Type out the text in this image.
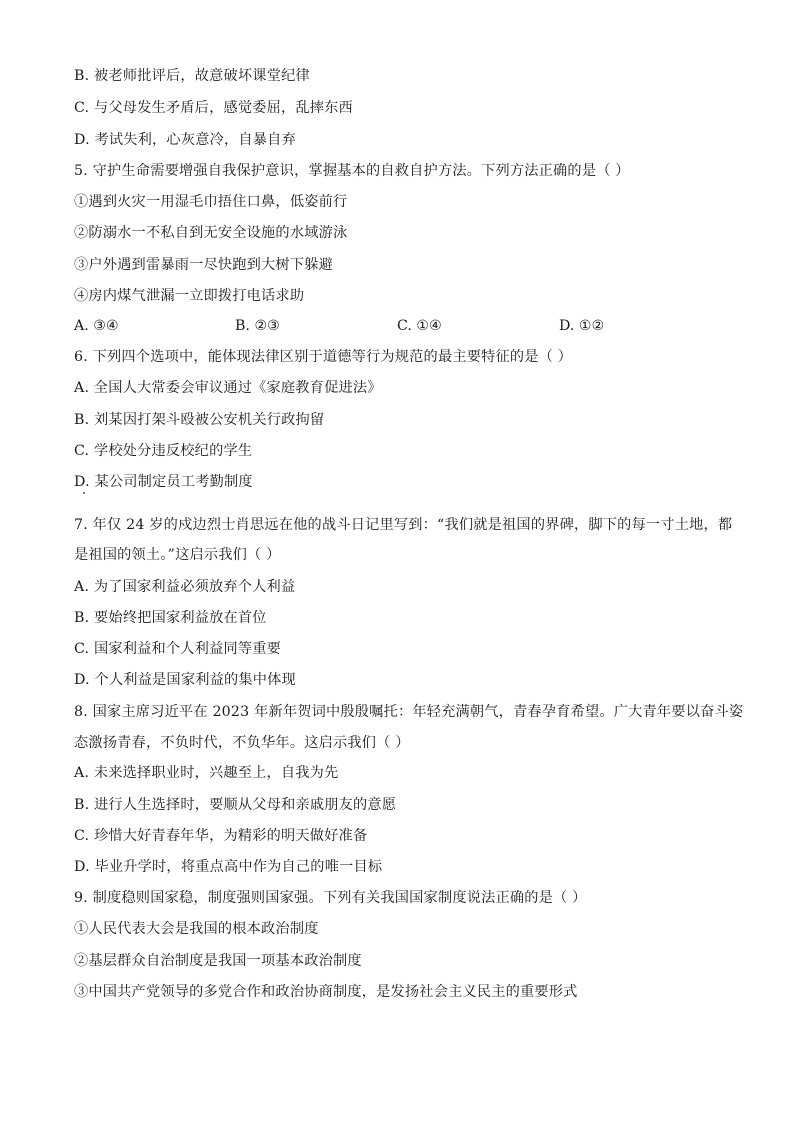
B. 被老师批评后，故意破坏课堂纪律
C. 与父母发生矛盾后，感觉委屈，乱摔东西
D. 考试失利，心灰意冷，自暴自弃
5. 守护生命需要增强自我保护意识，掌握基本的自救自护方法。下列方法正确的是（ ）
①遇到火灾一用湿毛巾捂住口鼻，低姿前行
②防溺水一不私自到无安全设施的水域游泳
③户外遇到雷暴雨一尽快跑到大树下躲避
④房内煤气泄漏一立即拨打电话求助
A. ③④	B. ②③	C. ①④	D. ①②
6. 下列四个选项中，能体现法律区别于道德等行为规范的最主要特征的是（ ）
A. 全国人大常委会审议通过《家庭教育促进法》
B. 刘某因打架斗殴被公安机关行政拘留
C. 学校处分违反校纪的学生
D. 某公司制定员工考勤制度
7. 年仅 24 岁的戍边烈士肖思远在他的战斗日记里写到：“我们就是祖国的界碑，脚下的每一寸土地，都
是祖国的领土。”这启示我们（ ）
A. 为了国家利益必须放弃个人利益
B. 要始终把国家利益放在首位
C. 国家利益和个人利益同等重要
D. 个人利益是国家利益的集中体现
8. 国家主席习近平在 2023 年新年贺词中殷殷嘱托：年轻充满朝气，青春孕育希望。广大青年要以奋斗姿
态激扬青春，不负时代，不负华年。这启示我们（ ）
A. 未来选择职业时，兴趣至上，自我为先
B. 进行人生选择时，要顺从父母和亲戚朋友的意愿
C. 珍惜大好青春年华，为精彩的明天做好准备
D. 毕业升学时，将重点高中作为自己的唯一目标
9. 制度稳则国家稳，制度强则国家强。下列有关我国国家制度说法正确的是（ ）
①人民代表大会是我国的根本政治制度
②基层群众自治制度是我国一项基本政治制度
③中国共产党领导的多党合作和政治协商制度，是发扬社会主义民主的重要形式
